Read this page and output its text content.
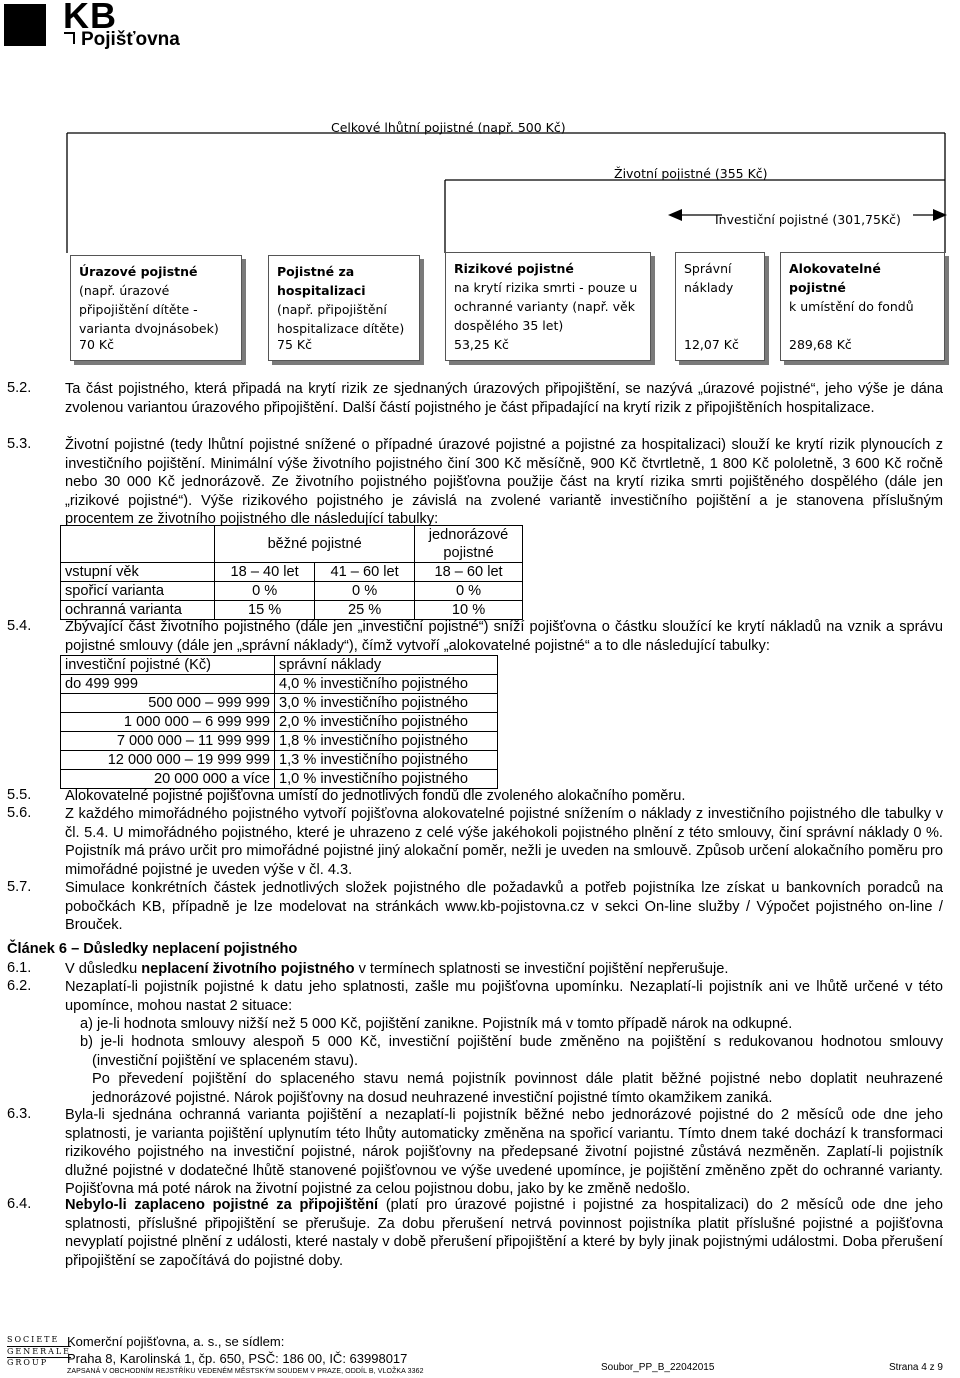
KB
Pojišťovna
Celkové lhůtní pojistné (např. 500 Kč)
Životní pojistné (355 Kč)
Investiční pojistné (301,75Kč)
Úrazové pojistné
(např. úrazové připojištění dítěte - varianta dvojnásobek)
70 Kč
Pojistné za hospitalizaci
(např. připojištění hospitalizace dítěte)
75 Kč
Rizikové pojistné
na krytí rizika smrti - pouze u ochranné varianty (např. věk dospělého 35 let)
53,25 Kč
Správní náklady
12,07 Kč
Alokovatelné pojistné
k umístění do fondů
289,68 Kč
5.2. Ta část pojistného, která připadá na krytí rizik ze sjednaných úrazových připojištění, se nazývá „úrazové pojistné“, jeho výše je dána zvolenou variantou úrazového připojištění. Další částí pojistného je část připadající na krytí rizik z připojištěních hospitalizace.
5.3. Životní pojistné (tedy lhůtní pojistné snížené o případné úrazové pojistné a pojistné za hospitalizaci) slouží ke krytí rizik plynoucích z investičního pojištění. Minimální výše životního pojistného činí 300 Kč měsíčně, 900 Kč čtvrtletně, 1 800 Kč pololetně, 3 600 Kč ročně nebo 30 000 Kč jednorázově. Ze životního pojistného pojišťovna použije část na krytí rizika smrti pojištěného dospělého (dále jen „rizikové pojistné“). Výše rizikového pojistného je závislá na zvolené variantě investičního pojištění a je stanovena příslušným procentem ze životního pojistného dle následující tabulky:
	běžné pojistné		jednorázové pojistné
vstupní věk	18 – 40 let	41 – 60 let	18 – 60 let
spořicí varianta	0 %	0 %	0 %
ochranná varianta	15 %	25 %	10 %
5.4. Zbývající část životního pojistného (dále jen „investiční pojistné“) sníží pojišťovna o částku sloužící ke krytí nákladů na vznik a správu pojistné smlouvy (dále jen „správní náklady“), čímž vytvoří „alokovatelné pojistné“ a to dle následující tabulky:
investiční pojistné (Kč)	správní náklady
do 499 999	4,0 % investičního pojistného
500 000 – 999 999	3,0 % investičního pojistného
1 000 000 – 6 999 999	2,0 % investičního pojistného
7 000 000 – 11 999 999	1,8 % investičního pojistného
12 000 000 – 19 999 999	1,3 % investičního pojistného
20 000 000 a více	1,0 % investičního pojistného
5.5. Alokovatelné pojistné pojišťovna umístí do jednotlivých fondů dle zvoleného alokačního poměru.
5.6. Z každého mimořádného pojistného vytvoří pojišťovna alokovatelné pojistné snížením o náklady z investičního pojistného dle tabulky v čl. 5.4. U mimořádného pojistného, které je uhrazeno z celé výše jakéhokoli pojistného plnění z této smlouvy, činí správní náklady 0 %. Pojistník má právo určit pro mimořádné pojistné jiný alokační poměr, nežli je uveden na smlouvě. Způsob určení alokačního poměru pro mimořádné pojistné je uveden výše v čl. 4.3.
5.7. Simulace konkrétních částek jednotlivých složek pojistného dle požadavků a potřeb pojistníka lze získat u bankovních poradců na pobočkách KB, případně je lze modelovat na stránkách www.kb-pojistovna.cz v sekci On-line služby / Výpočet pojistného on-line / Brouček.
Článek 6 – Důsledky neplacení pojistného
6.1. V důsledku neplacení životního pojistného v termínech splatnosti se investiční pojištění nepřerušuje.
6.2. Nezaplatí-li pojistník pojistné k datu jeho splatnosti, zašle mu pojišťovna upomínku. Nezaplatí-li pojistník ani ve lhůtě určené v této upomínce, mohou nastat 2 situace:
a) je-li hodnota smlouvy nižší než 5 000 Kč, pojištění zanikne. Pojistník má v tomto případě nárok na odkupné.
b) je-li hodnota smlouvy alespoň 5 000 Kč, investiční pojištění bude změněno na pojištění s redukovanou hodnotou smlouvy (investiční pojištění ve splaceném stavu).
Po převedení pojištění do splaceného stavu nemá pojistník povinnost dále platit běžné pojistné nebo doplatit neuhrazené jednorázové pojistné. Nárok pojišťovny na dosud neuhrazené investiční pojistné tímto okamžikem zaniká.
6.3. Byla-li sjednána ochranná varianta pojištění a nezaplatí-li pojistník běžné nebo jednorázové pojistné do 2 měsíců ode dne jeho splatnosti, je varianta pojištění uplynutím této lhůty automaticky změněna na spořicí variantu. Tímto dnem také dochází k transformaci rizikového pojistného na investiční pojistné, nárok pojišťovny na předepsané životní pojistné zůstává nezměněn. Zaplatí-li pojistník dlužné pojistné v dodatečné lhůtě stanovené pojišťovnou ve výše uvedené upomínce, je pojištění změněno zpět do ochranné varianty. Pojišťovna má poté nárok na životní pojistné za celou pojistnou dobu, jako by ke změně nedošlo.
6.4. Nebylo-li zaplaceno pojistné za připojištění (platí pro úrazové pojistné i pojistné za hospitalizaci) do 2 měsíců ode dne jeho splatnosti, příslušné připojištění se přerušuje. Za dobu přerušení netrvá povinnost pojistníka platit příslušné pojistné a pojišťovna nevyplatí pojistné plnění z události, které nastaly v době přerušení připojištění a které by byly jinak pojistnými událostmi. Doba přerušení připojištění se započítává do pojistné doby.
SOCIETE
GENERALE
GROUP
Komerční pojišťovna, a. s., se sídlem:
Praha 8, Karolinská 1, čp. 650, PSČ: 186 00, IČ: 63998017
ZAPSANÁ V OBCHODNÍM REJSTŘÍKU VEDENÉM MĚSTSKÝM SOUDEM V PRAZE, ODDÍL B, VLOŽKA 3362	Soubor_PP_B_22042015	Strana 4 z 9
